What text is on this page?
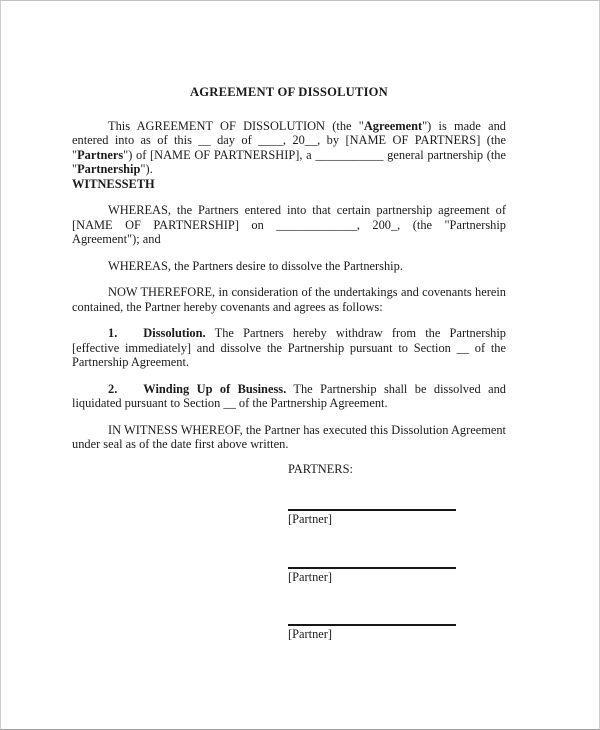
AGREEMENT OF DISSOLUTION

This AGREEMENT OF DISSOLUTION (the "Agreement") is made and entered into as of this __ day of ____, 20__, by [NAME OF PARTNERS] (the "Partners") of [NAME OF PARTNERSHIP], a ___________ general partnership (the "Partnership").

WITNESSETH

WHEREAS, the Partners entered into that certain partnership agreement of [NAME OF PARTNERSHIP] on _____________, 200_, (the "Partnership Agreement"); and

WHEREAS, the Partners desire to dissolve the Partnership.

NOW THEREFORE, in consideration of the undertakings and covenants herein contained, the Partner hereby covenants and agrees as follows:

1. Dissolution. The Partners hereby withdraw from the Partnership [effective immediately] and dissolve the Partnership pursuant to Section __ of the Partnership Agreement.

2. Winding Up of Business. The Partnership shall be dissolved and liquidated pursuant to Section __ of the Partnership Agreement.

IN WITNESS WHEREOF, the Partner has executed this Dissolution Agreement under seal as of the date first above written.

PARTNERS:
[Partner]
[Partner]
[Partner]
